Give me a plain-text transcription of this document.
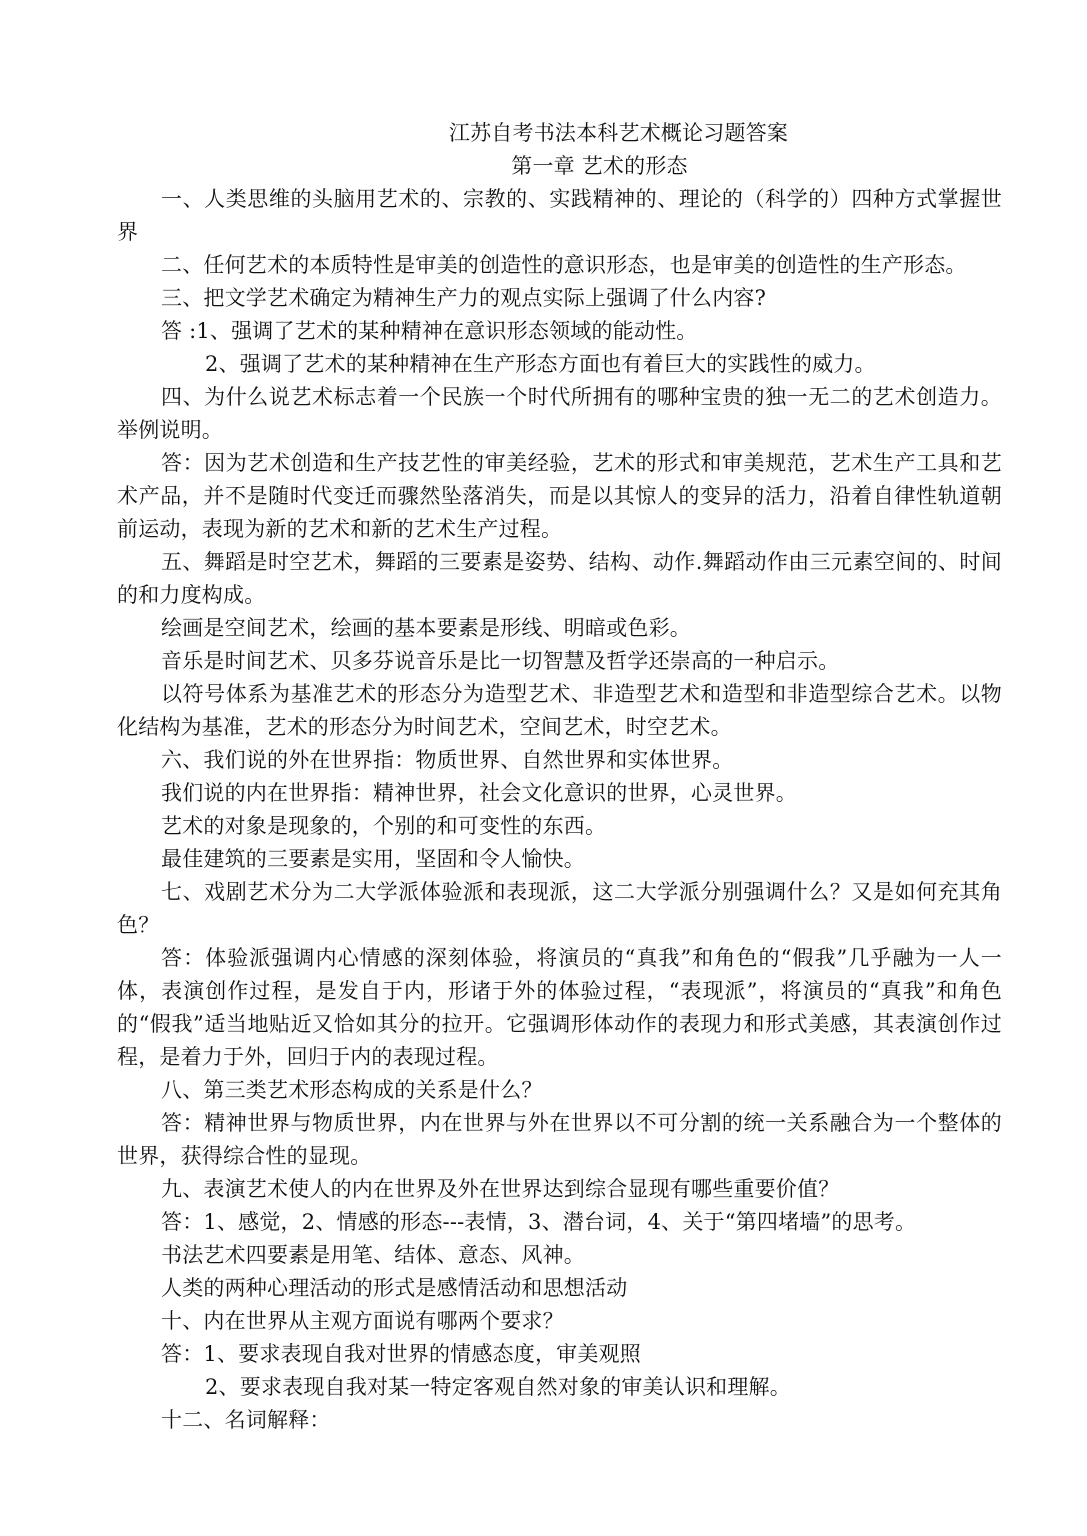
江苏自考书法本科艺术概论习题答案
第一章 艺术的形态

一、人类思维的头脑用艺术的、宗教的、实践精神的、理论的（科学的）四种方式掌握世界

二、任何艺术的本质特性是审美的创造性的意识形态，也是审美的创造性的生产形态。

三、把文学艺术确定为精神生产力的观点实际上强调了什么内容?

答 :1、强调了艺术的某种精神在意识形态领域的能动性。

2、强调了艺术的某种精神在生产形态方面也有着巨大的实践性的威力。

四、为什么说艺术标志着一个民族一个时代所拥有的哪种宝贵的独一无二的艺术创造力。举例说明。

答：因为艺术创造和生产技艺性的审美经验，艺术的形式和审美规范，艺术生产工具和艺术产品，并不是随时代变迁而骤然坠落消失，而是以其惊人的变异的活力，沿着自律性轨道朝前运动，表现为新的艺术和新的艺术生产过程。

五、舞蹈是时空艺术，舞蹈的三要素是姿势、结构、动作.舞蹈动作由三元素空间的、时间的和力度构成。

绘画是空间艺术，绘画的基本要素是形线、明暗或色彩。

音乐是时间艺术、贝多芬说音乐是比一切智慧及哲学还崇高的一种启示。

以符号体系为基准艺术的形态分为造型艺术、非造型艺术和造型和非造型综合艺术。以物化结构为基准，艺术的形态分为时间艺术，空间艺术，时空艺术。

六、我们说的外在世界指：物质世界、自然世界和实体世界。

我们说的内在世界指：精神世界，社会文化意识的世界，心灵世界。

艺术的对象是现象的，个别的和可变性的东西。

最佳建筑的三要素是实用，坚固和令人愉快。

七、戏剧艺术分为二大学派体验派和表现派，这二大学派分别强调什么？又是如何充其角色？

答：体验派强调内心情感的深刻体验，将演员的“真我”和角色的“假我”几乎融为一人一体，表演创作过程，是发自于内，形诸于外的体验过程，“表现派”，将演员的“真我”和角色的“假我”适当地贴近又恰如其分的拉开。它强调形体动作的表现力和形式美感，其表演创作过程，是着力于外，回归于内的表现过程。

八、第三类艺术形态构成的关系是什么？

答：精神世界与物质世界，内在世界与外在世界以不可分割的统一关系融合为一个整体的世界，获得综合性的显现。

九、表演艺术使人的内在世界及外在世界达到综合显现有哪些重要价值？

答：1、感觉，2、情感的形态---表情，3、潜台词，4、关于“第四堵墙”的思考。

书法艺术四要素是用笔、结体、意态、风神。

人类的两种心理活动的形式是感情活动和思想活动

十、内在世界从主观方面说有哪两个要求？

答：1、要求表现自我对世界的情感态度，审美观照

2、要求表现自我对某一特定客观自然对象的审美认识和理解。

十二、名词解释：
